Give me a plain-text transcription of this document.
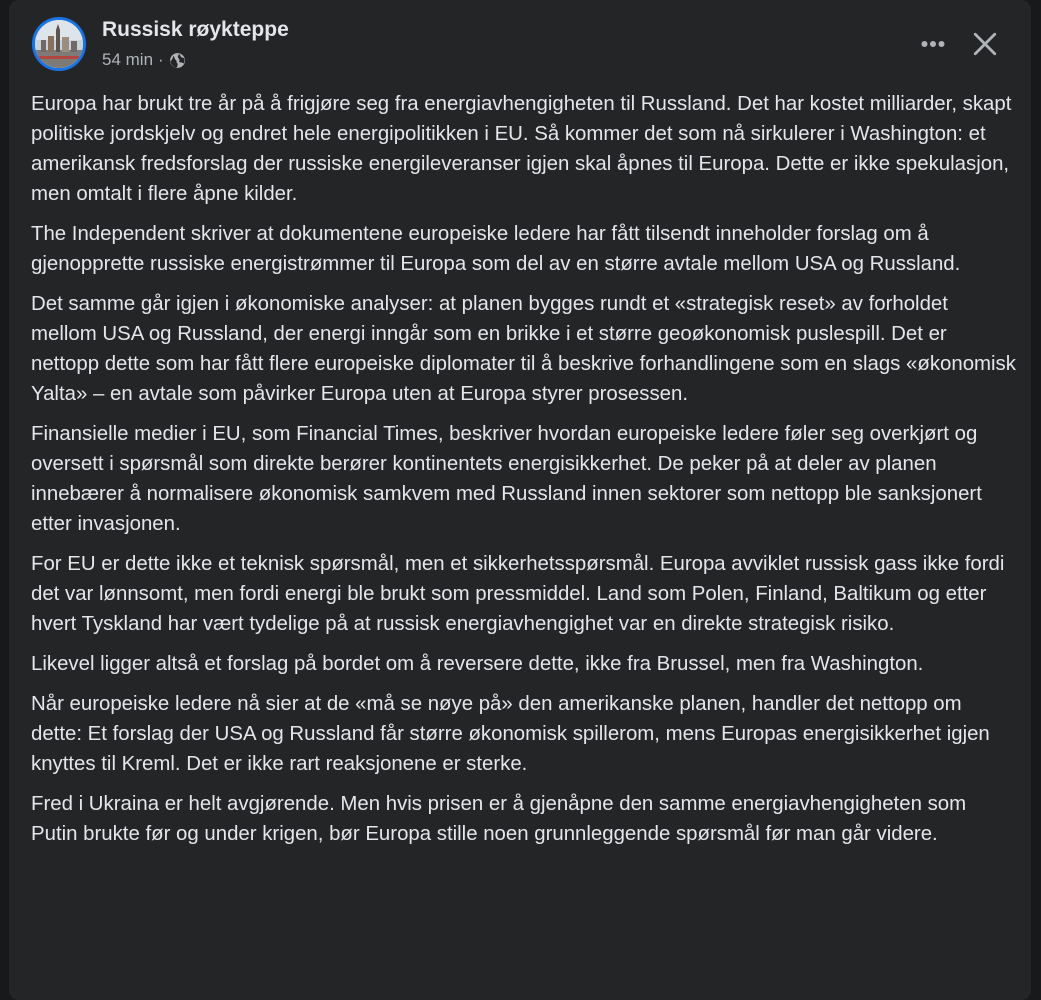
Russisk røykteppe
54 min ·

Europa har brukt tre år på å frigjøre seg fra energiavhengigheten til Russland. Det har kostet milliarder, skapt politiske jordskjelv og endret hele energipolitikken i EU. Så kommer det som nå sirkulerer i Washington: et amerikansk fredsforslag der russiske energileveranser igjen skal åpnes til Europa. Dette er ikke spekulasjon, men omtalt i flere åpne kilder.

The Independent skriver at dokumentene europeiske ledere har fått tilsendt inneholder forslag om å gjenopprette russiske energistrømmer til Europa som del av en større avtale mellom USA og Russland.

Det samme går igjen i økonomiske analyser: at planen bygges rundt et «strategisk reset» av forholdet mellom USA og Russland, der energi inngår som en brikke i et større geoøkonomisk puslespill. Det er nettopp dette som har fått flere europeiske diplomater til å beskrive forhandlingene som en slags «økonomisk Yalta» – en avtale som påvirker Europa uten at Europa styrer prosessen.

Finansielle medier i EU, som Financial Times, beskriver hvordan europeiske ledere føler seg overkjørt og oversett i spørsmål som direkte berører kontinentets energisikkerhet. De peker på at deler av planen innebærer å normalisere økonomisk samkvem med Russland innen sektorer som nettopp ble sanksjonert etter invasjonen.

For EU er dette ikke et teknisk spørsmål, men et sikkerhetsspørsmål. Europa avviklet russisk gass ikke fordi det var lønnsomt, men fordi energi ble brukt som pressmiddel. Land som Polen, Finland, Baltikum og etter hvert Tyskland har vært tydelige på at russisk energiavhengighet var en direkte strategisk risiko.

Likevel ligger altså et forslag på bordet om å reversere dette, ikke fra Brussel, men fra Washington.

Når europeiske ledere nå sier at de «må se nøye på» den amerikanske planen, handler det nettopp om dette: Et forslag der USA og Russland får større økonomisk spillerom, mens Europas energisikkerhet igjen knyttes til Kreml. Det er ikke rart reaksjonene er sterke.

Fred i Ukraina er helt avgjørende. Men hvis prisen er å gjenåpne den samme energiavhengigheten som Putin brukte før og under krigen, bør Europa stille noen grunnleggende spørsmål før man går videre.
